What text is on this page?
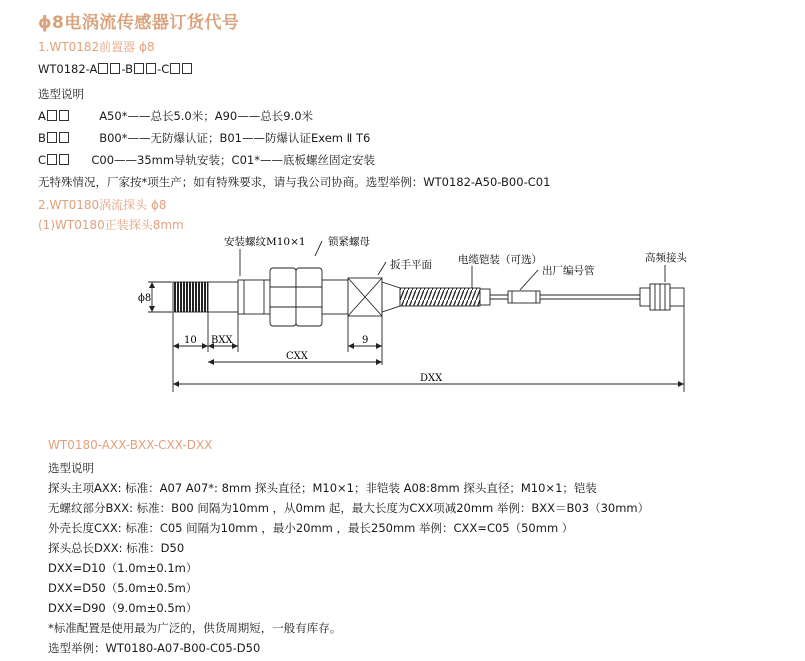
ϕ8电涡流传感器订货代号
1.WT0182前置器 ϕ8
WT0182-A -B -C
选型说明
A	A50*——总长5.0米；A90——总长9.0米
B	B00*——无防爆认证；B01——防爆认证Exem Ⅱ T6
C	C00——35mm导轨安装；C01*——底板螺丝固定安装
无特殊情况，厂家按*项生产；如有特殊要求，请与我公司协商。选型举例：WT0182-A50-B00-C01
2.WT0180涡流探头 ϕ8
(1)WT0180正装探头8mm
安装螺纹M10×1 锁紧螺母
扳手平面 电缆铠装（可选）
出厂编号管
高频接头
ϕ8
10 BXX
CXX
9
DXX
WT0180-AXX-BXX-CXX-DXX
选型说明
探头主项AXX: 标准：A07 A07*: 8mm 探头直径；M10×1；非铠装 A08:8mm 探头直径；M10×1；铠装
无螺纹部分BXX: 标准：B00 间隔为10mm ，从0mm 起，最大长度为CXX项减20mm 举例：BXX＝B03（30mm）
外壳长度CXX: 标准：C05 间隔为10mm ，最小20mm ，最长250mm 举例：CXX=C05（50mm ）
探头总长DXX: 标准：D50
DXX=D10（1.0m±0.1m）
DXX=D50（5.0m±0.5m）
DXX=D90（9.0m±0.5m）
*标准配置是使用最为广泛的，供货周期短，一般有库存。
选型举例：WT0180-A07-B00-C05-D50
